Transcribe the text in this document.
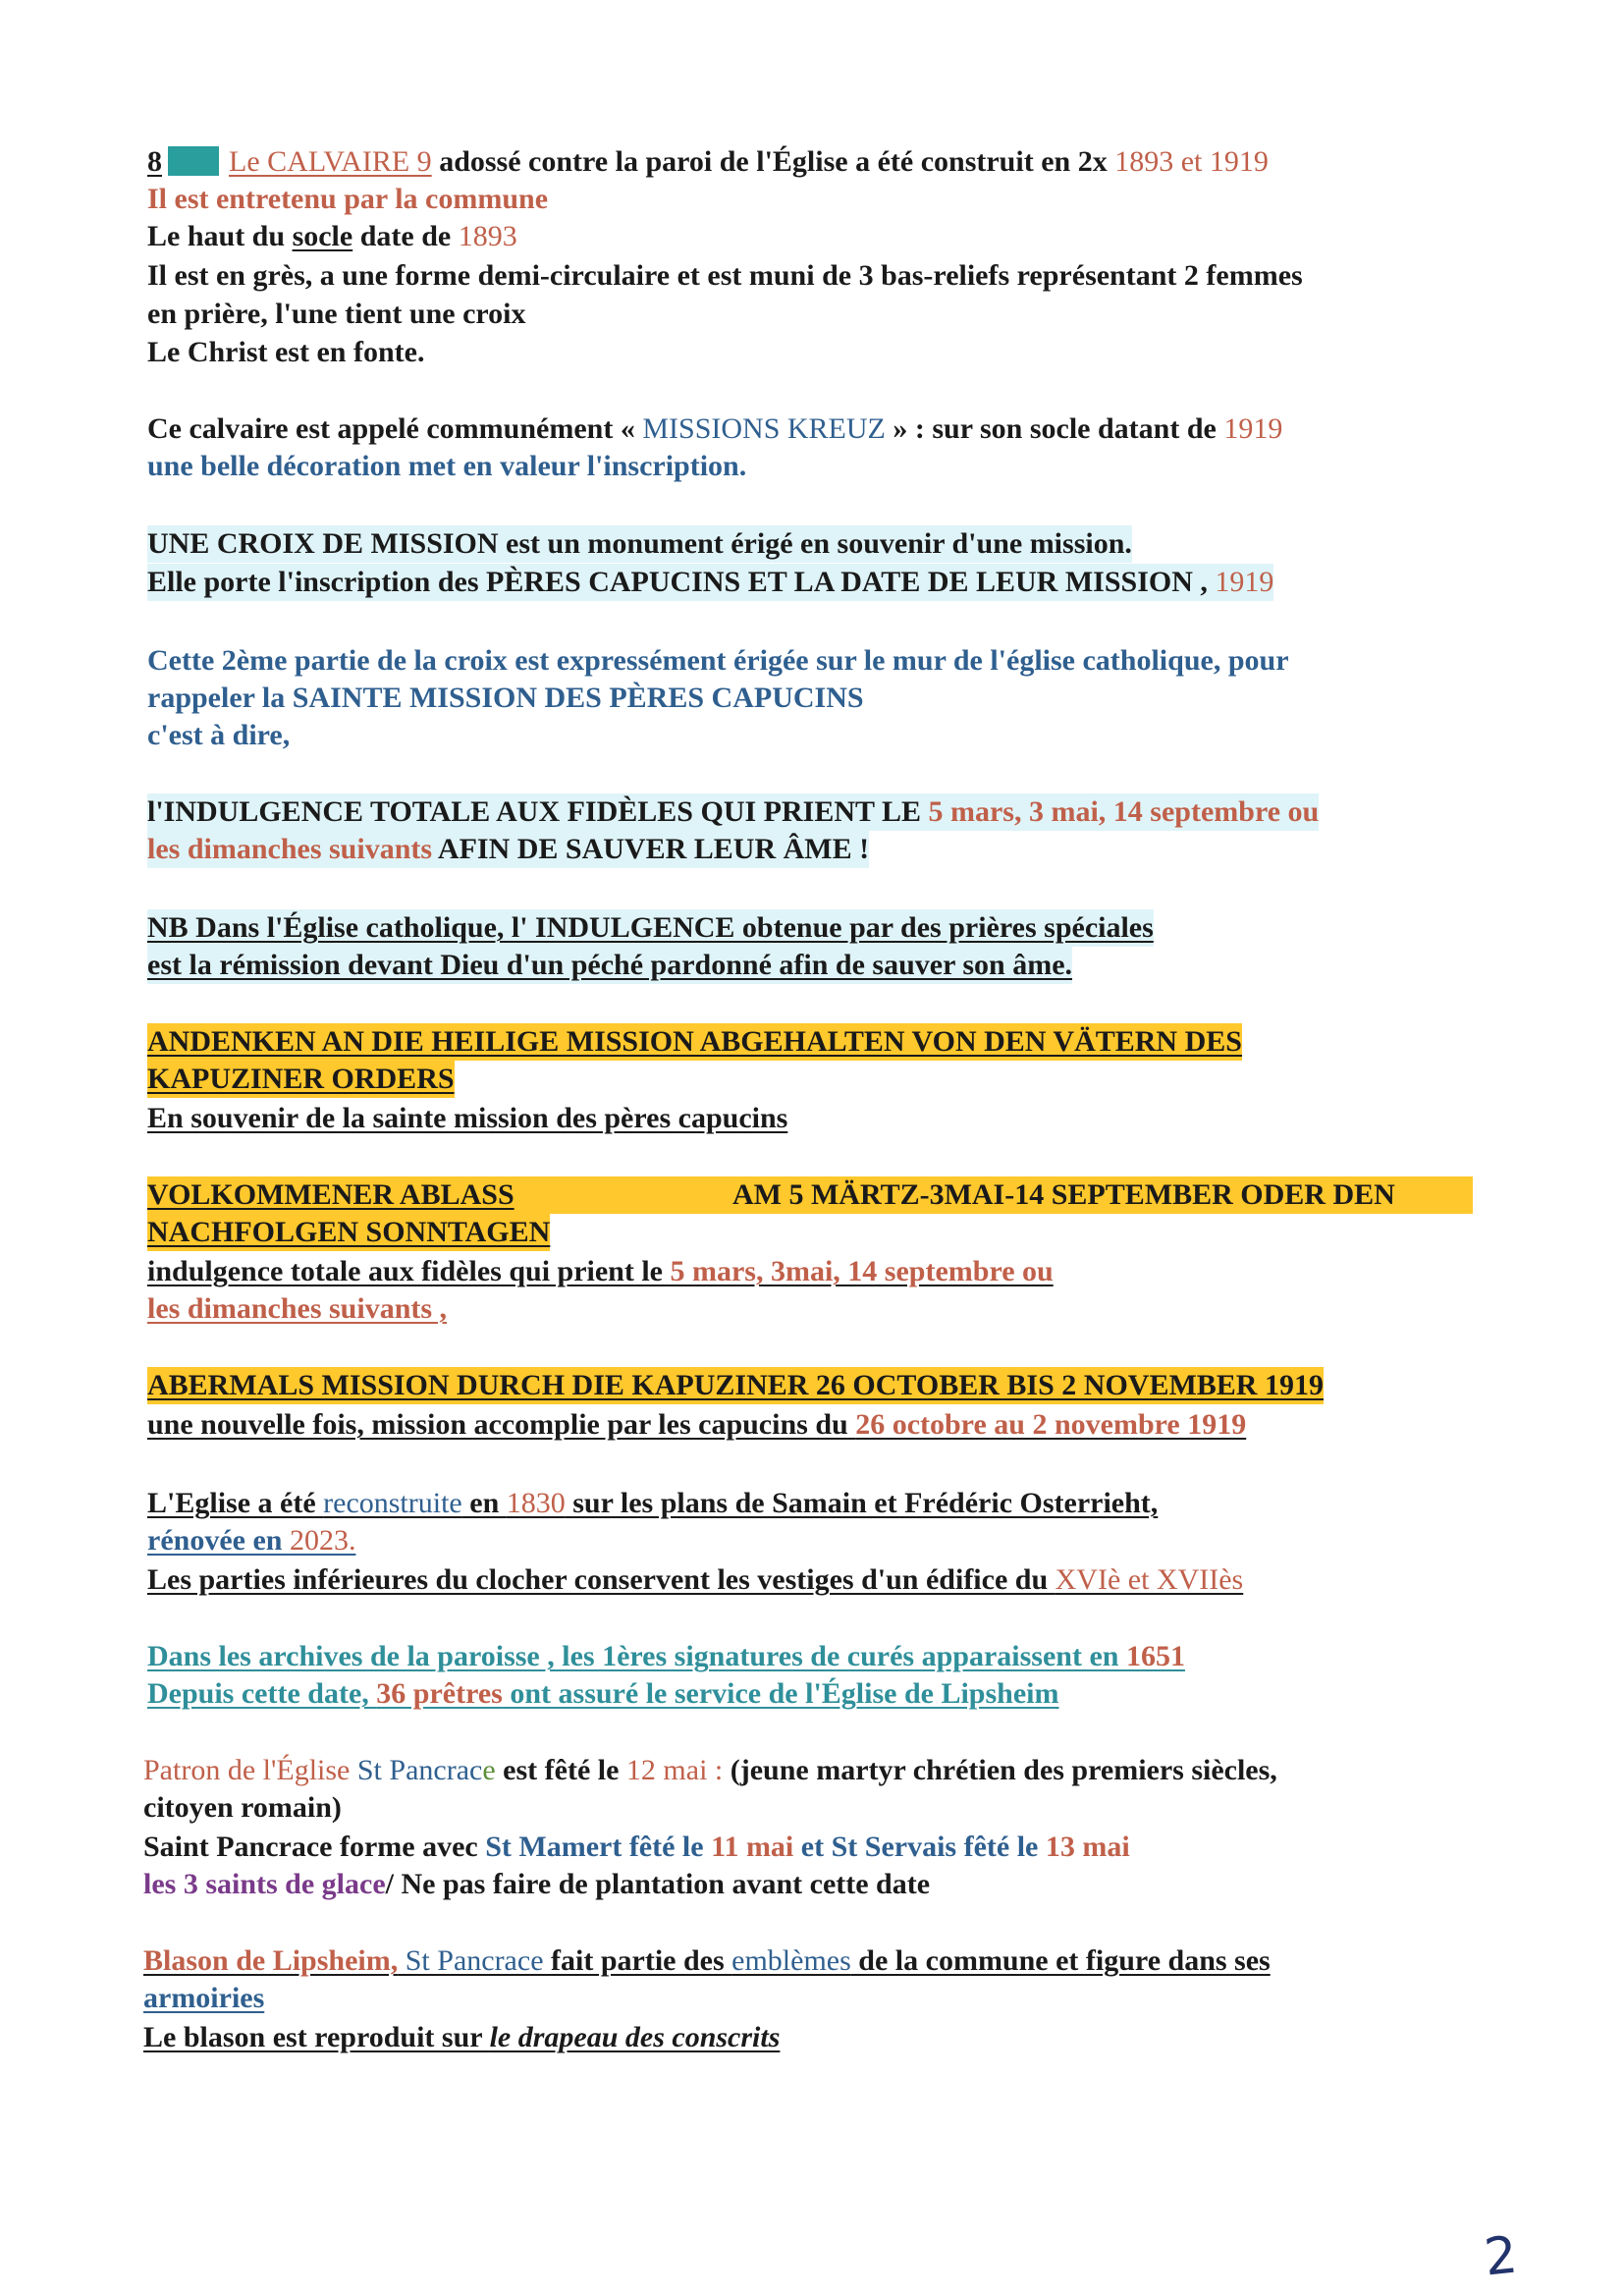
8 Le CALVAIRE 9 adossé contre la paroi de l'Église a été construit en 2x 1893 et 1919
Il est entretenu par la commune
Le haut du socle date de 1893
Il est en grès, a une forme demi-circulaire et est muni de 3 bas-reliefs représentant 2 femmes
en prière, l'une tient une croix
Le Christ est en fonte.
Ce calvaire est appelé communément « MISSIONS KREUZ » : sur son socle datant de 1919
une belle décoration met en valeur l'inscription.
UNE CROIX DE MISSION est un monument érigé en souvenir d'une mission.
Elle porte l'inscription des PÈRES CAPUCINS ET LA DATE DE LEUR MISSION , 1919
Cette 2ème partie de la croix est expressément érigée sur le mur de l'église catholique, pour
rappeler la SAINTE MISSION DES PÈRES CAPUCINS
c'est à dire,
l'INDULGENCE TOTALE AUX FIDÈLES QUI PRIENT LE 5 mars, 3 mai, 14 septembre ou
les dimanches suivants AFIN DE SAUVER LEUR ÂME !
NB Dans l'Église catholique, l' INDULGENCE obtenue par des prières spéciales
est la rémission devant Dieu d'un péché pardonné afin de sauver son âme.
ANDENKEN AN DIE HEILIGE MISSION ABGEHALTEN VON DEN VÄTERN DES
KAPUZINER ORDERS
En souvenir de la sainte mission des pères capucins
VOLKOMMENER ABLASS	AM 5 MÄRTZ-3MAI-14 SEPTEMBER ODER DEN
NACHFOLGEN SONNTAGEN
indulgence totale aux fidèles qui prient le 5 mars, 3mai, 14 septembre ou
les dimanches suivants ,
ABERMALS MISSION DURCH DIE KAPUZINER 26 OCTOBER BIS 2 NOVEMBER 1919
une nouvelle fois, mission accomplie par les capucins du 26 octobre au 2 novembre 1919
L'Eglise a été reconstruite en 1830 sur les plans de Samain et Frédéric Osterrieht,
rénovée en 2023.
Les parties inférieures du clocher conservent les vestiges d'un édifice du XVIè et XVIIès
Dans les archives de la paroisse , les 1ères signatures de curés apparaissent en 1651
Depuis cette date, 36 prêtres ont assuré le service de l'Église de Lipsheim
Patron de l'Église St Pancrace est fêté le 12 mai : (jeune martyr chrétien des premiers siècles,
citoyen romain)
Saint Pancrace forme avec St Mamert fêté le 11 mai et St Servais fêté le 13 mai
les 3 saints de glace/ Ne pas faire de plantation avant cette date
Blason de Lipsheim, St Pancrace fait partie des emblèmes de la commune et figure dans ses
armoiries
Le blason est reproduit sur le drapeau des conscrits
2
